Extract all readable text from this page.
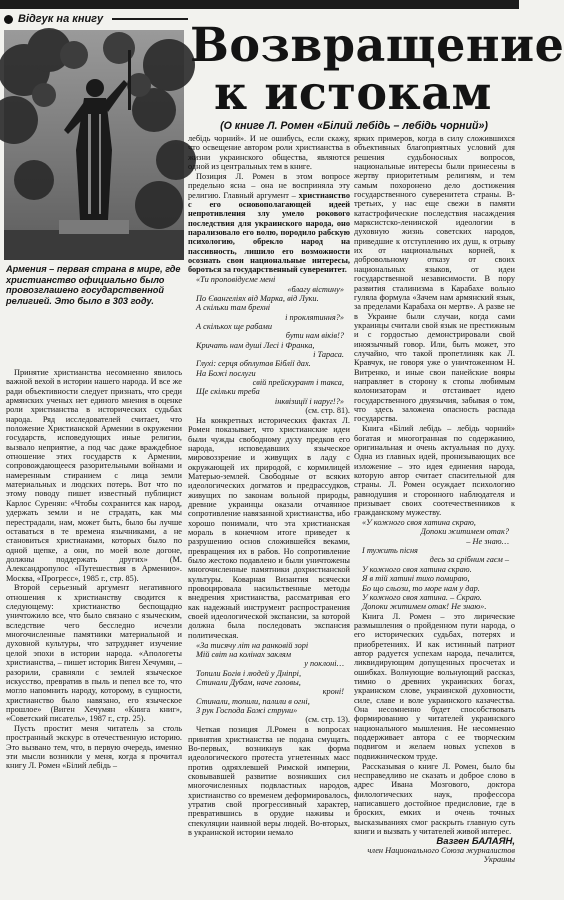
Відгук на книгу

Армения – первая страна в мире, где христианство официально было провозглашено государственной религией. Это было в 303 году.

Возвращение
к истокам
(О книге Л. Ромен «Білий лебідь – лебідь чорний»)

Принятие христианства несомненно явилось важной вехой в истории нашего народа. И все же ради объективности следует признать, что среди армянских ученых нет единого мнения в оценке роли христианства в историческиx судьбах народа. Ряд исследователей считает, что положение Христианской Армении в окружении государств, исповедующих иные религии, вызвало неприятие, а под час даже враждебное отношение этих государств к Армении, сопровождающееся разорительными войнами и намеренным стиранием с лица земли материальных и людских потерь. Вот что по этому поводу пишет известный публицист Карлос Суренян: «Чтобы сохранится как народ, удержать земли и не страдать, как мы перестрадали, нам, может быть, было бы лучше оставаться в те времена язычниками, а не становиться христианами, которых было по одной щепке, а они, по моей воле догоне, должны поддержать других» (М. Александропулос «Путешествия в Армению». Москва, «Прогресс», 1985 г., стр. 85).

Второй серьезный аргумент негативного отношения к христианству сводится к следующему: христианство беспощадно уничтожило все, что было связано с языческим, вследствие чего бесследно исчезли многочисленные памятники материальной и духовной культуры, что затрудняет изучение целой эпохи в истории народа. «Апологеты христианства, – пишет историк Виген Хечумян, – разорили, сравняли с землей языческое искусство, превратив в пыль и пепел все то, что могло напомнить народу, которому, в сущности, христианство было навязано, его языческое прошлое» (Виген Хечумян «Книга книг», «Советский писатель», 1987 г., стр. 25).

Пусть простит меня читатель за столь пространный экскурс в отечественную историю. Это вызвано тем, что, в первую очередь, именно эти мысли возникли у меня, когда я прочитал книгу Л. Ромен «Білий лебідь –

лебідь чорний». И не ошибусь, если скажу, что освещение автором роли христианства в жизни украинского общества, являются одной из центральных тем в книге.

Позиция Л. Ромен в этом вопросе предельно ясна – она не восприняла эту религию. Главный аргумент – христианство с его основополагающей идеей непротивления злу умело рокового последствия для украинского народа, оно парализовало его волю, породило рабскую психологию, обрекло народ на пассивность, лишило его возможности осознать свои национальные интересы, бороться за государственный суверенитет.

«Ти проповідуєме мені
«благу вістину»
По Євангеліях від Марка, від Луки.
А скільки там брехні
і проклятиння?»
А скількох ще рабами
бути нам віків!?
Кричать нам душі Лесі і Франка,
і Тараса.
Глухі: серця обплутав Біблії дах.
На Божі послуги
свій прейскурант і такса,
Ще скільки треба
інквізиції і наруг!?»

(см. стр. 81).

На конкретных исторических фактах Л. Ромен показывает, что христианские идеи были чужды свободному духу предков его народа, исповедавших языческое мировоззрение и живущих в ладу с окружающей их природой, с кормилицей Матерью-землей. Свободные от всяких идеологических догматов и предрассудков, живущих по законам вольной природы, древние украинцы оказали отчаянное сопротивление навязанной христианства, ибо хорошо понимали, что эта христианская мораль в конечном итоге приведет к разрушению основ сложившейся веками, превращения их в рабов. Но сопротивление было жестоко подавлено и были уничтожены многочисленные памятники дохристианской культуры. Коварная Византия всячески провоцировала насильственные методы внедрения христианства, рассматривая его как надежный инструмент распространения своей идеологической экспансии, за которой должна была последовать экспансия политическая.

«За тисячу літ на ранковій зорі
Мій світ на колінах заклям
у поклоні…
Топили Богів і людей у Дніпрі,
Стинали Дубам, наче головы,
кроні!
Стинали, топили, палили в огні,
З рук Господа Божі струни»

(см. стр. 13).

Четкая позиция Л.Ромен в вопросах принятия христианства не подана смущать. Во-первых, возникнув как форма идеологического протеста угнетенных масс против одряхлевшей Римской империи, сковывавшей развитие возникших сил многочисленных подвластных народов, христианство со временем деформировалось, утратив свой прогрессивный характер, превратившись в орудие наживы и спекуляции наивной веры людей. Во-вторых, в украинской истории немало

ярких примеров, когда в силу сложившихся объективных благоприятных условий для решения судьбоносных вопросов, национальные интересы были принесены в жертву приоритетным религиям, и тем самым похоронено дело достижения государственного суверенитета страны. В-третьих, у нас еще свежи в памяти катастрофические последствия насаждения марксистско-ленинской идеологии в духовную жизнь советских народов, приведшие к отступлению их душ, к отрыву их от национальных корней, к добровольному отказу от своих национальных языков, от идеи государственной независимости. В пору развития сталинизма в Карабахе вольно гуляла формула «Зачем нам армянский язык, за пределами Карабаха он мертв». А разве не в Украине были случаи, когда сами украинцы считали свой язык не престижным и с гордостью демонстрировали свой иноязычный говор. Или, быть может, это случайно, что такой пропетлиняк как Л. Кравчук, не говоря уже о уничтоженном Н. Витренко, и иные свои панейские вояры направляет в сторону к стопы любимым колонизаторам и отстаивает идею государственного двуязычия, забывая о том, что здесь заложена опасность распада государства.

Книга «Білий лебідь – лебідь чорний» богатая и многогранная по содержанию, оригинальная и очень актуальная по духу. Одна из главных идей, пронизывающих все изложение – это идея единения народа, которую автор считает спасительной для страны. Л. Ромен осуждает психологию равнодушия и сторонного наблюдателя и призывает своих соотечественников к гражданскому мужеству.

«У кожного своя хатина скраю,
Допоки житимем отак?
– Не знаю…
І тужить пісня
десь за срібним гаєм –
У кожного своя хатина скраю.
Я в тій хатині тихо помираю,
Бо що сльози, то море нам у дар.
У кожного своя хатина. – Скраю.
Допоки житимем отак! Не знаю».

Книга Л. Ромен – это лирические размышления о пройденном пути народа, о его исторических судьбах, потерях и приобретениях. И как истинный патриот автор радуется успехам народа, печалится, ликвидирующим допущенных просчетах и ошибках. Волнующие вольнующий рассказ, тимно о древних украинских богах, украинском слове, украинской духовности, силе, славе и воле украинского казачества. Она несомненно будет способствовать формированию у читателей украинского национального мышления. Не несомненно поддерживает автора с ее творческим подвигом и желаем новых успехов в подвижническом труде.

Рассказывая о книге Л. Ромен, было бы несправедливо не сказать и доброе слово в адрес Ивана Мозгового, доктора филологических наук, профессора написавшего достойное предисловие, где в броских, емких и очень точных высказываниях смог раскрыть главную суть книги и вызвать у читателей живой интерес.

Вазген БАЛАЯН,
член Национального Союза журналистов Украины
